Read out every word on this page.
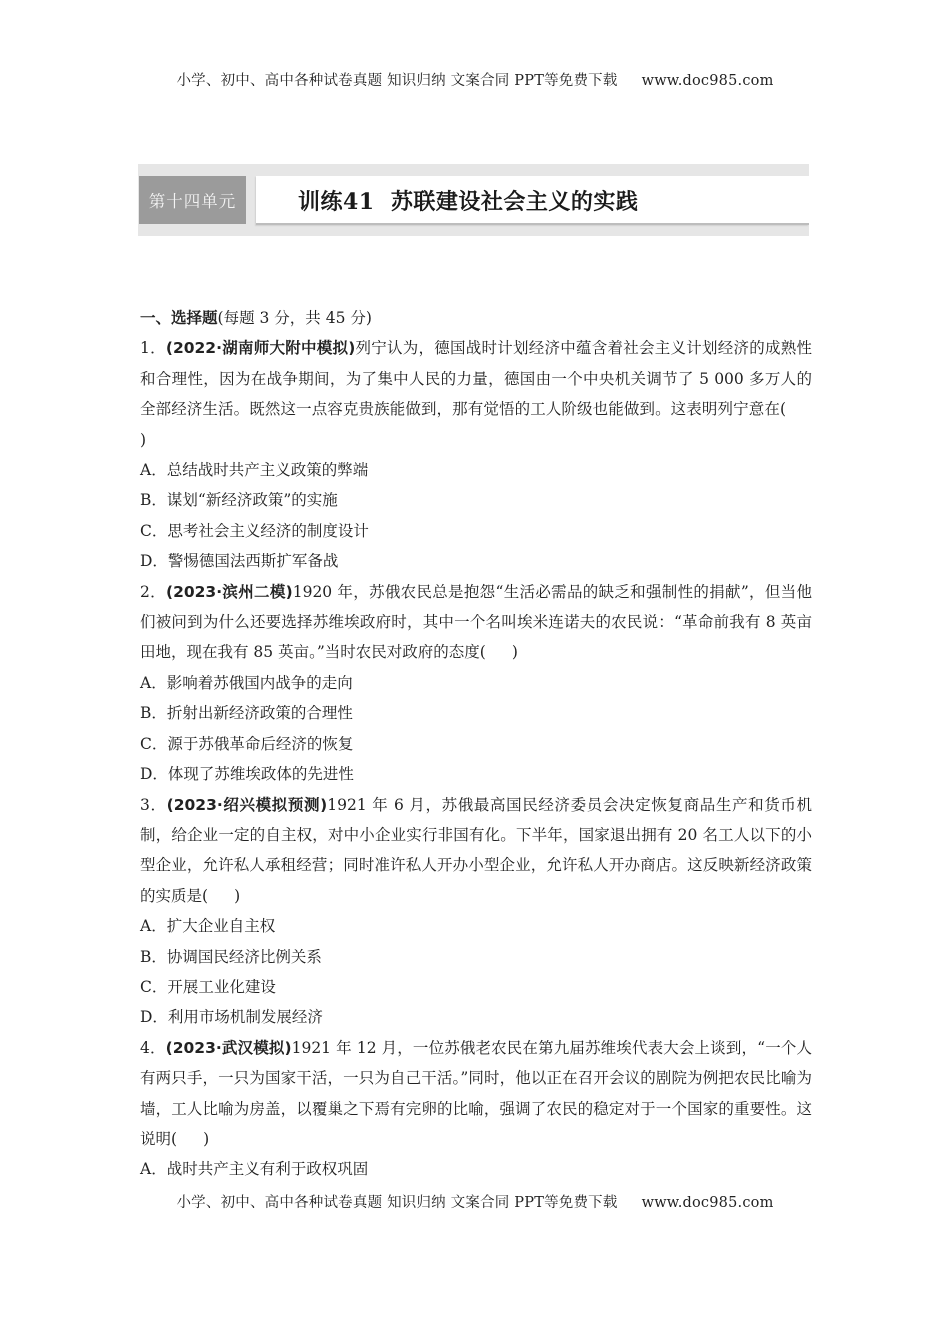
小学、初中、高中各种试卷真题 知识归纳 文案合同 PPT等免费下载 www.doc985.com
第十四单元	训练41  苏联建设社会主义的实践
一、选择题(每题 3 分，共 45 分)
1．(2022·湖南师大附中模拟)列宁认为，德国战时计划经济中蕴含着社会主义计划经济的成熟性和合理性，因为在战争期间，为了集中人民的力量，德国由一个中央机关调节了 5 000 多万人的全部经济生活。既然这一点容克贵族能做到，那有觉悟的工人阶级也能做到。这表明列宁意在()
A．总结战时共产主义政策的弊端
B．谋划“新经济政策”的实施
C．思考社会主义经济的制度设计
D．警惕德国法西斯扩军备战
2．(2023·滨州二模)1920 年，苏俄农民总是抱怨“生活必需品的缺乏和强制性的捐献”，但当他们被问到为什么还要选择苏维埃政府时，其中一个名叫埃米连诺夫的农民说：“革命前我有 8 英亩田地，现在我有 85 英亩。”当时农民对政府的态度( )
A．影响着苏俄国内战争的走向
B．折射出新经济政策的合理性
C．源于苏俄革命后经济的恢复
D．体现了苏维埃政体的先进性
3．(2023·绍兴模拟预测)1921 年 6 月，苏俄最高国民经济委员会决定恢复商品生产和货币机制，给企业一定的自主权，对中小企业实行非国有化。下半年，国家退出拥有 20 名工人以下的小型企业，允许私人承租经营；同时准许私人开办小型企业，允许私人开办商店。这反映新经济政策的实质是( )
A．扩大企业自主权
B．协调国民经济比例关系
C．开展工业化建设
D．利用市场机制发展经济
4．(2023·武汉模拟)1921 年 12 月，一位苏俄老农民在第九届苏维埃代表大会上谈到，“一个人有两只手，一只为国家干活，一只为自己干活。”同时，他以正在召开会议的剧院为例把农民比喻为墙，工人比喻为房盖，以覆巢之下焉有完卵的比喻，强调了农民的稳定对于一个国家的重要性。这说明( )
A．战时共产主义有利于政权巩固
小学、初中、高中各种试卷真题 知识归纳 文案合同 PPT等免费下载 www.doc985.com
